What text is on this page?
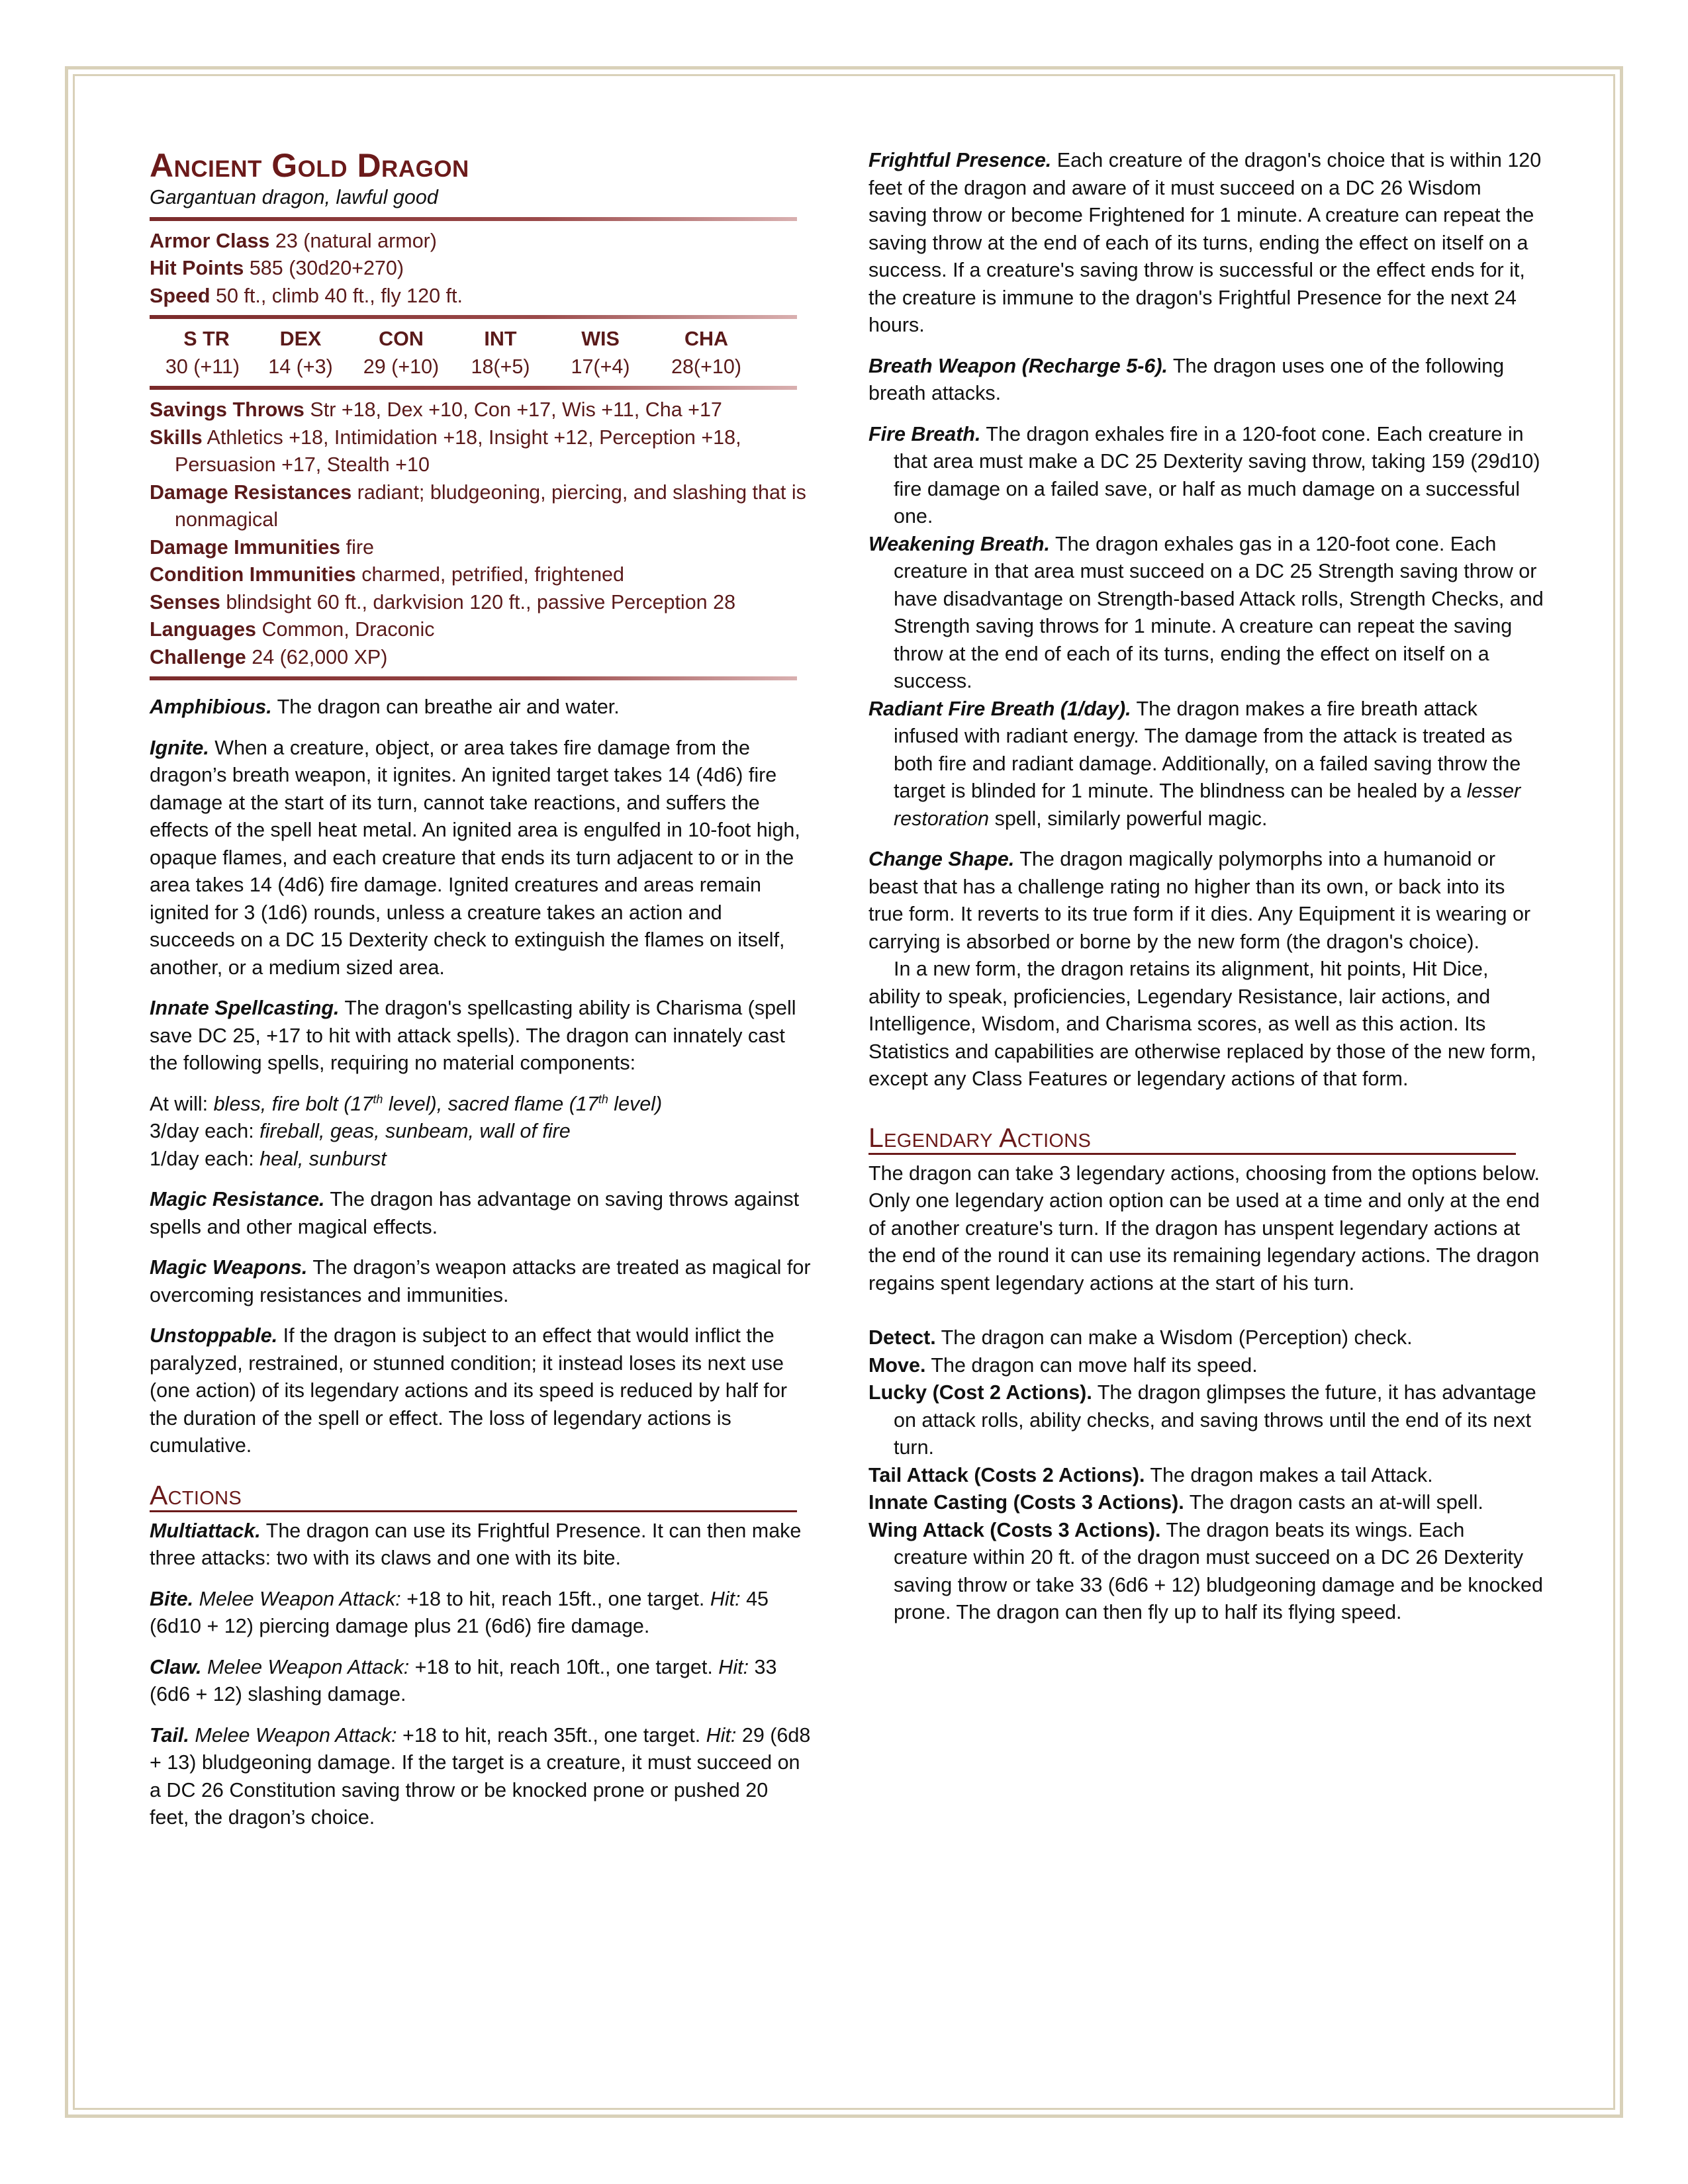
Ancient Gold Dragon
Gargantuan dragon, lawful good
Armor Class 23 (natural armor)
Hit Points 585 (30d20+270)
Speed 50 ft., climb 40 ft., fly 120 ft.
S TR	DEX	CON	INT	WIS	CHA
30 (+11)	14 (+3)	29 (+10)	18(+5)	17(+4)	28(+10)
Savings Throws Str +18, Dex +10, Con +17, Wis +11, Cha +17
Skills Athletics +18, Intimidation +18, Insight +12, Perception +18, Persuasion +17, Stealth +10
Damage Resistances radiant; bludgeoning, piercing, and slashing that is nonmagical
Damage Immunities fire
Condition Immunities charmed, petrified, frightened
Senses blindsight 60 ft., darkvision 120 ft., passive Perception 28
Languages Common, Draconic
Challenge 24 (62,000 XP)

Amphibious. The dragon can breathe air and water.

Ignite. When a creature, object, or area takes fire damage from the dragon’s breath weapon, it ignites. An ignited target takes 14 (4d6) fire damage at the start of its turn, cannot take reactions, and suffers the effects of the spell heat metal. An ignited area is engulfed in 10-foot high, opaque flames, and each creature that ends its turn adjacent to or in the area takes 14 (4d6) fire damage. Ignited creatures and areas remain ignited for 3 (1d6) rounds, unless a creature takes an action and succeeds on a DC 15 Dexterity check to extinguish the flames on itself, another, or a medium sized area.

Innate Spellcasting. The dragon's spellcasting ability is Charisma (spell save DC 25, +17 to hit with attack spells). The dragon can innately cast the following spells, requiring no material components:

At will: bless, fire bolt (17th level), sacred flame (17th level)
3/day each: fireball, geas, sunbeam, wall of fire
1/day each: heal, sunburst

Magic Resistance. The dragon has advantage on saving throws against spells and other magical effects.

Magic Weapons. The dragon’s weapon attacks are treated as magical for overcoming resistances and immunities.

Unstoppable. If the dragon is subject to an effect that would inflict the paralyzed, restrained, or stunned condition; it instead loses its next use (one action) of its legendary actions and its speed is reduced by half for the duration of the spell or effect. The loss of legendary actions is cumulative.

Actions

Multiattack. The dragon can use its Frightful Presence. It can then make three attacks: two with its claws and one with its bite.

Bite. Melee Weapon Attack: +18 to hit, reach 15ft., one target. Hit: 45 (6d10 + 12) piercing damage plus 21 (6d6) fire damage.

Claw. Melee Weapon Attack: +18 to hit, reach 10ft., one target. Hit: 33 (6d6 + 12) slashing damage.

Tail. Melee Weapon Attack: +18 to hit, reach 35ft., one target. Hit: 29 (6d8 + 13) bludgeoning damage. If the target is a creature, it must succeed on a DC 26 Constitution saving throw or be knocked prone or pushed 20 feet, the dragon’s choice.

Frightful Presence. Each creature of the dragon's choice that is within 120 feet of the dragon and aware of it must succeed on a DC 26 Wisdom saving throw or become Frightened for 1 minute. A creature can repeat the saving throw at the end of each of its turns, ending the effect on itself on a success. If a creature's saving throw is successful or the effect ends for it, the creature is immune to the dragon's Frightful Presence for the next 24 hours.

Breath Weapon (Recharge 5-6). The dragon uses one of the following breath attacks.

Fire Breath. The dragon exhales fire in a 120-foot cone. Each creature in that area must make a DC 25 Dexterity saving throw, taking 159 (29d10) fire damage on a failed save, or half as much damage on a successful one.

Weakening Breath. The dragon exhales gas in a 120-foot cone. Each creature in that area must succeed on a DC 25 Strength saving throw or have disadvantage on Strength-based Attack rolls, Strength Checks, and Strength saving throws for 1 minute. A creature can repeat the saving throw at the end of each of its turns, ending the effect on itself on a success.

Radiant Fire Breath (1/day). The dragon makes a fire breath attack infused with radiant energy. The damage from the attack is treated as both fire and radiant damage. Additionally, on a failed saving throw the target is blinded for 1 minute. The blindness can be healed by a lesser restoration spell, similarly powerful magic.

Change Shape. The dragon magically polymorphs into a humanoid or beast that has a challenge rating no higher than its own, or back into its true form. It reverts to its true form if it dies. Any Equipment it is wearing or carrying is absorbed or borne by the new form (the dragon's choice).

In a new form, the dragon retains its alignment, hit points, Hit Dice, ability to speak, proficiencies, Legendary Resistance, lair actions, and Intelligence, Wisdom, and Charisma scores, as well as this action. Its Statistics and capabilities are otherwise replaced by those of the new form, except any Class Features or legendary actions of that form.

Legendary Actions

The dragon can take 3 legendary actions, choosing from the options below. Only one legendary action option can be used at a time and only at the end of another creature's turn. If the dragon has unspent legendary actions at the end of the round it can use its remaining legendary actions. The dragon regains spent legendary actions at the start of his turn.

Detect. The dragon can make a Wisdom (Perception) check.

Move. The dragon can move half its speed.

Lucky (Cost 2 Actions). The dragon glimpses the future, it has advantage on attack rolls, ability checks, and saving throws until the end of its next turn.

Tail Attack (Costs 2 Actions). The dragon makes a tail Attack.

Innate Casting (Costs 3 Actions). The dragon casts an at-will spell.

Wing Attack (Costs 3 Actions). The dragon beats its wings. Each creature within 20 ft. of the dragon must succeed on a DC 26 Dexterity saving throw or take 33 (6d6 + 12) bludgeoning damage and be knocked prone. The dragon can then fly up to half its flying speed.
